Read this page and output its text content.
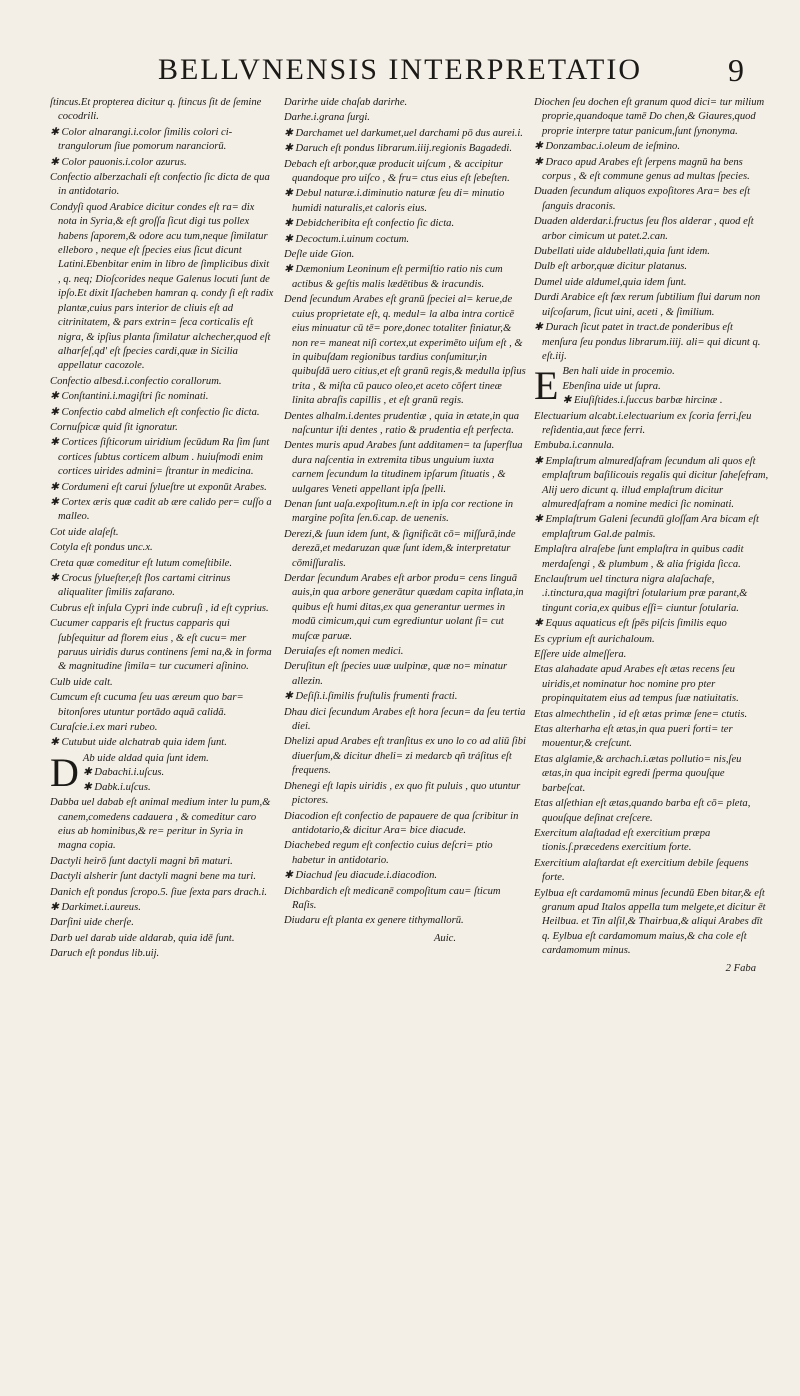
BELLVNENSIS INTERPRETATIO	9
ſtincus.Et propterea dicitur q. ſtincus ſit de ſemine cocodrili.
✱ Color alnarangi.i.color ſimilis colori ci- trangulorum ſiue pomorum naranciorū.
✱ Color pauonis.i.color azurus.
Confectio alberzachali eſt confectio ſic dicta de qua in antidotario.
Condyſi quod Arabice dicitur condes eſt ra= dix nota in Syria,& eſt groſſa ſicut digi tus pollex habens ſaporem,& odore acu tum,neque ſimilatur elleboro , neque eſt ſpecies eius ſicut dicunt Latini.Ebenbitar enim in libro de ſimplicibus dixit , q. neq; Dioſcorides neque Galenus locuti ſunt de ipſo.Et dixit Iſacheben hamran q. condy ſi eſt radix plantæ,cuius pars interior de cliuis eſt ad citrinitatem, & pars extrin= ſeca corticalis eſt nigra, & ipſius planta ſimilatur alchecher,quod eſt alharſeſ,qd' eſt ſpecies cardi,quæ in Sicilia appellatur cacozole.
Confectio albesd.i.confectio corallorum.
✱ Conſtantini.i.magiſtri ſic nominati.
✱ Confectio cabd almelich eſt confectio ſic dicta.
Cornuſpicæ quid ſit ignoratur.
✱ Cortices ſiſticorum uiridium ſecūdum Ra ſim ſunt cortices ſubtus corticem album . huiuſmodi enim cortices uirides admini= ſtrantur in medicina.
✱ Cordumeni eſt carui ſylueſtre ut exponūt Arabes.
✱ Cortex æris quæ cadit ab ære calido per= cuſſo a malleo.
Cot uide alaſeſt.
Cotyla eſt pondus unc.x.
Creta quæ comeditur eſt lutum comeſtibile.
✱ Crocus ſylueſter,eſt flos cartami citrinus aliqualiter ſimilis zafarano.
Cubrus eſt inſula Cypri inde cubruſi , id eſt cyprius.
Cucumer capparis eſt fructus capparis qui ſubſequitur ad florem eius , & eſt cucu= mer paruus uiridis durus continens ſemi na,& in forma & magnitudine ſimila= tur cucumeri aſinino.
Culb uide calt.
Cumcum eſt cucuma ſeu uas æreum quo bar= bitonſores utuntur portādo aquā calidā.
Curaſcie.i.ex mari rubeo.
✱ Cutubut uide alchatrab quia idem ſunt.
D Ab uide aldad quia ſunt idem.
✱ Dabachi.i.uſcus.
✱ Dabk.i.uſcus.
Dabba uel dabab eſt animal medium inter lu pum,& canem,comedens cadauera , & comeditur caro eius ab hominibus,& re= peritur in Syria in magna copia.
Dactyli heirō ſunt dactyli magni bñ maturi.
Dactyli alsherir ſunt dactyli magni bene ma turi.
Danich eſt pondus ſcropo.5. ſiue ſexta pars drach.i.
✱ Darkimet.i.aureus.
Darſini uide cherſe.
Darb uel darab uide aldarab, quia idē ſunt.
Daruch eſt pondus lib.uij.
Darirhe uide chaſab darirhe.
Darhe.i.grana ſurgi.
✱ Darchamet uel darkumet,uel darchami pō dus aurei.i.
✱ Daruch eſt pondus librarum.iiij.regionis Bagadedi.
Debach eſt arbor,quæ producit uiſcum , & accipitur quandoque pro uiſco , & fru= ctus eius eſt ſebeſten.
✱ Debul naturæ.i.diminutio naturæ ſeu di= minutio humidi naturalis,et caloris eius.
✱ Debidcheribita eſt confectio ſic dicta.
✱ Decoctum.i.uinum coctum.
Deſle uide Gion.
✱ Dæmonium Leoninum eſt permiſtio ratio nis cum actibus & geſtis malis lædētibus & iracundis.
Dend ſecundum Arabes eſt granū ſpeciei al= kerue,de cuius proprietate eſt, q. medul= la alba intra corticē eius minuatur cū tē= pore,donec totaliter finiatur,& non re= maneat niſi cortex,ut experimēto uiſum eſt , & in quibuſdam regionibus tardius conſumitur,in quibuſdā uero citius,et eſt granū regis,& medulla ipſius trita , & miſta cū pauco oleo,et aceto cōfert tineæ linita abraſis capillis , et eſt granū regis.
Dentes alhalm.i.dentes prudentiæ , quia in ætate,in qua naſcuntur iſti dentes , ratio & prudentia eſt perfecta.
Dentes muris apud Arabes ſunt additamen= ta ſuperflua dura naſcentia in extremita tibus unguium iuxta carnem ſecundum la titudinem ipſarum ſituatis , & uulgares Veneti appellant ipſa ſpelli.
Denan ſunt uaſa.expoſitum.n.eſt in ipſa cor rectione in margine poſita ſen.6.cap. de uenenis.
Derezi,& ſuun idem ſunt, & ſignificāt cō= miſſurā,inde derezā,et medaruzan quæ ſunt idem,& interpretatur cōmiſſuralis.
Derdar ſecundum Arabes eſt arbor produ= cens linguā auis,in qua arbore generātur quædam capita inflata,in quibus eſt humi ditas,ex qua generantur uermes in modū cimicum,qui cum egrediuntur uolant ſi= cut muſcæ paruæ.
Deruiaſes eſt nomen medici.
Deruſitun eſt ſpecies uuæ uulpinæ, quæ no= minatur allezin.
✱ Deſiſi.i.ſimilis fruſtulis frumenti fracti.
Dhau dici ſecundum Arabes eſt hora ſecun= da ſeu tertia diei.
Dhelizi apud Arabes eſt tranſitus ex uno lo co ad aliū ſibi diuerſum,& dicitur dheli= zi medarcb qñ tráſitus eſt frequens.
Dhenegi eſt lapis uiridis , ex quo fit puluis , quo utuntur pictores.
Diacodion eſt confectio de papauere de qua ſcribitur in antidotario,& dicitur Ara= bice diacude.
Diachebed regum eſt confectio cuius deſcri= ptio habetur in antidotario.
✱ Diachud ſeu diacude.i.diacodion.
Dichbardich eſt medicanē compoſitum cau= ſticum Raſis.
Diudaru eſt planta ex genere tithymallorū.
Auic.
Diochen ſeu dochen eſt granum quod dici= tur milium proprie,quandoque tamē Do chen,& Giaures,quod proprie interpre tatur panicum,ſunt ſynonyma.
✱ Donzambac.i.oleum de ieſmino.
✱ Draco apud Arabes eſt ſerpens magnū ha bens corpus , & eſt commune genus ad multas ſpecies.
Duaden ſecundum aliquos expoſitores Ara= bes eſt ſanguis draconis.
Duaden alderdar.i.fructus ſeu flos alderar , quod eſt arbor cimicum ut patet.2.can.
Dubellati uide aldubellati,quia ſunt idem.
Dulb eſt arbor,quæ dicitur platanus.
Dumel uide aldumel,quia idem ſunt.
Durdi Arabice eſt fæx rerum ſubtilium flui darum non uiſcoſarum, ſicut uini, aceti , & ſimilium.
✱ Durach ſicut patet in tract.de ponderibus eſt menſura ſeu pondus librarum.iiij. ali= qui dicunt q. eſt.iij.
E Ben hali uide in procemio.
Ebenſina uide ut ſupra.
✱ Eiuſiſtides.i.ſuccus barbæ hircinæ .
Electuarium alcabt.i.electuarium ex ſcoria ferri,ſeu reſidentia,aut fæce ferri.
Embuba.i.cannula.
✱ Emplaſtrum almuredſafram ſecundum ali quos eſt emplaſtrum baſilicouis regalis qui dicitur ſaheſefram, Alij uero dicunt q. illud emplaſtrum dicitur almuredſafram a nomine medici ſic nominati.
✱ Emplaſtrum Galeni ſecundū gloſſam Ara bicam eſt emplaſtrum Gal.de palmis.
Emplaſtra alraſebe ſunt emplaſtra in quibus cadit merdaſengi , & plumbum , & alia frigida ſicca.
Enclauſtrum uel tinctura nigra alaſachafe, .i.tinctura,qua magiſtri ſotularium præ parant,& tingunt coria,ex quibus eſſi= ciuntur ſotularia.
✱ Equus aquaticus eſt ſpēs piſcis ſimilis equo
Es cyprium eſt aurichaloum.
Eſſere uide almeſſera.
Etas alahadate apud Arabes eſt ætas recens ſeu uiridis,et nominatur hoc nomine pro pter propinquitatem eius ad tempus ſuæ natiuitatis.
Etas almechthelin , id eſt ætas primæ ſene= ctutis.
Etas alterharha eſt ætas,in qua pueri forti= ter mouentur,& creſcunt.
Etas alglamie,& archach.i.ætas pollutio= nis,ſeu ætas,in qua incipit egredi ſperma quouſque barbeſcat.
Etas alſethian eſt ætas,quando barba eſt cō= pleta, quouſque deſinat creſcere.
Exercitum alaſtadad eſt exercitium præpa tionis.ſ.præcedens exercitium forte.
Exercitium alaſtardat eſt exercitium debile ſequens forte.
Eylbua eſt cardamomū minus ſecundū Eben bitar,& eſt granum apud Italos appella tum melgete,et dicitur ēt Heilbua. et Tin alſil,& Thairbua,& aliqui Arabes dīt q. Eylbua eſt cardamomum maius,& cha cole eſt cardamomum minus.
2 Faba
